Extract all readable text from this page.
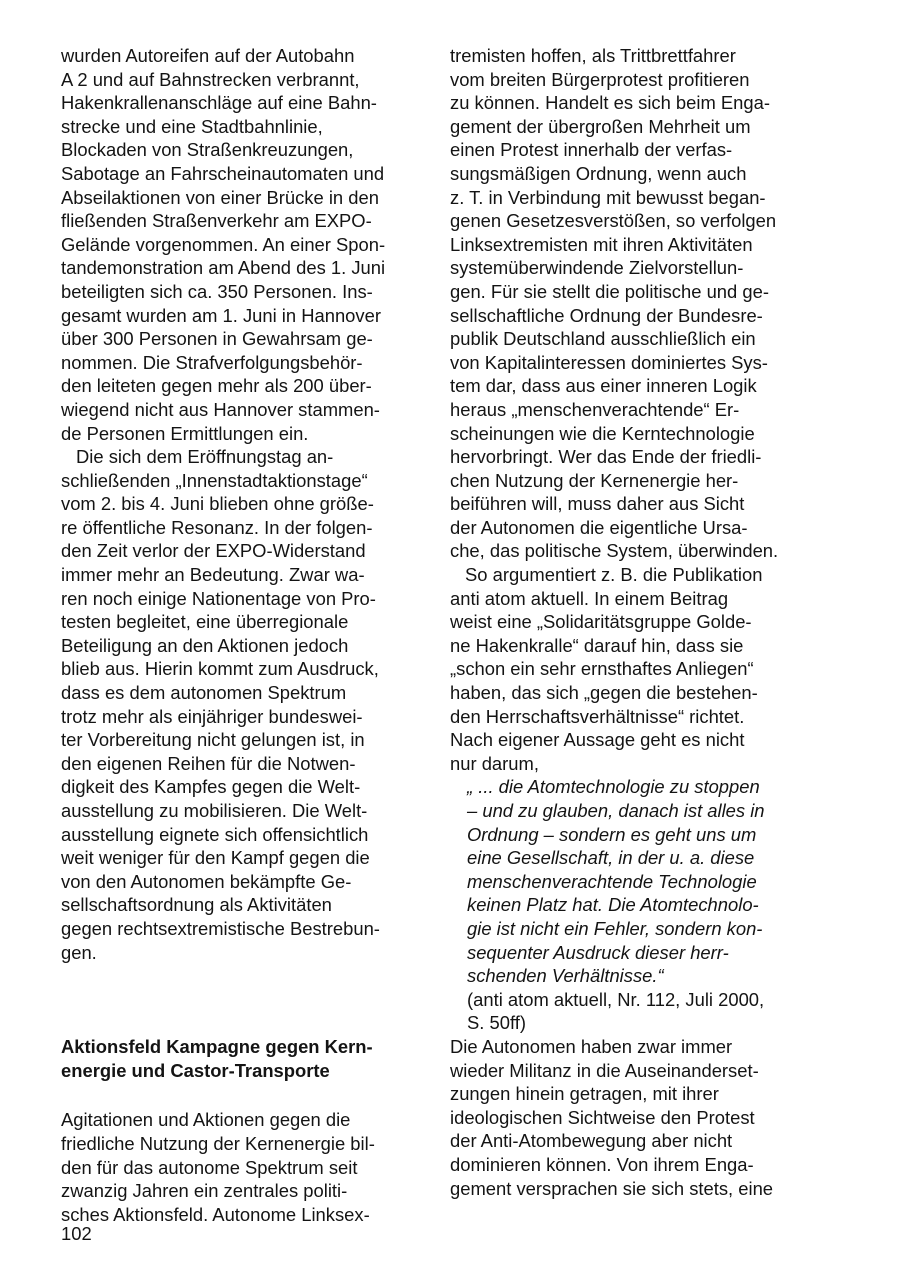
wurden Autoreifen auf der Autobahn
A 2 und auf Bahnstrecken verbrannt,
Hakenkrallenanschläge auf eine Bahn-
strecke und eine Stadtbahnlinie,
Blockaden von Straßenkreuzungen,
Sabotage an Fahrscheinautomaten und
Abseilaktionen von einer Brücke in den
fließenden Straßenverkehr am EXPO-
Gelände vorgenommen. An einer Spon-
tandemonstration am Abend des 1. Juni
beteiligten sich ca. 350 Personen. Ins-
gesamt wurden am 1. Juni in Hannover
über 300 Personen in Gewahrsam ge-
nommen. Die Strafverfolgungsbehör-
den leiteten gegen mehr als 200 über-
wiegend nicht aus Hannover stammen-
de Personen Ermittlungen ein.
Die sich dem Eröffnungstag an-
schließenden „Innenstadtaktionstage“
vom 2. bis 4. Juni blieben ohne größe-
re öffentliche Resonanz. In der folgen-
den Zeit verlor der EXPO-Widerstand
immer mehr an Bedeutung. Zwar wa-
ren noch einige Nationentage von Pro-
testen begleitet, eine überregionale
Beteiligung an den Aktionen jedoch
blieb aus. Hierin kommt zum Ausdruck,
dass es dem autonomen Spektrum
trotz mehr als einjähriger bundeswei-
ter Vorbereitung nicht gelungen ist, in
den eigenen Reihen für die Notwen-
digkeit des Kampfes gegen die Welt-
ausstellung zu mobilisieren. Die Welt-
ausstellung eignete sich offensichtlich
weit weniger für den Kampf gegen die
von den Autonomen bekämpfte Ge-
sellschaftsordnung als Aktivitäten
gegen rechtsextremistische Bestrebun-
gen.
Aktionsfeld Kampagne gegen Kern-
energie und Castor-Transporte
Agitationen und Aktionen gegen die
friedliche Nutzung der Kernenergie bil-
den für das autonome Spektrum seit
zwanzig Jahren ein zentrales politi-
sches Aktionsfeld. Autonome Linksex-
tremisten hoffen, als Trittbrettfahrer
vom breiten Bürgerprotest profitieren
zu können. Handelt es sich beim Enga-
gement der übergroßen Mehrheit um
einen Protest innerhalb der verfas-
sungsmäßigen Ordnung, wenn auch
z. T. in Verbindung mit bewusst began-
genen Gesetzesverstößen, so verfolgen
Linksextremisten mit ihren Aktivitäten
systemüberwindende Zielvorstellun-
gen. Für sie stellt die politische und ge-
sellschaftliche Ordnung der Bundesre-
publik Deutschland ausschließlich ein
von Kapitalinteressen dominiertes Sys-
tem dar, dass aus einer inneren Logik
heraus „menschenverachtende“ Er-
scheinungen wie die Kerntechnologie
hervorbringt. Wer das Ende der friedli-
chen Nutzung der Kernenergie her-
beiführen will, muss daher aus Sicht
der Autonomen die eigentliche Ursa-
che, das politische System, überwinden.
So argumentiert z. B. die Publikation
anti atom aktuell. In einem Beitrag
weist eine „Solidaritätsgruppe Golde-
ne Hakenkralle“ darauf hin, dass sie
„schon ein sehr ernsthaftes Anliegen“
haben, das sich „gegen die bestehen-
den Herrschaftsverhältnisse“ richtet.
Nach eigener Aussage geht es nicht
nur darum,
„ ... die Atomtechnologie zu stoppen
– und zu glauben, danach ist alles in
Ordnung – sondern es geht uns um
eine Gesellschaft, in der u. a. diese
menschenverachtende Technologie
keinen Platz hat. Die Atomtechnolo-
gie ist nicht ein Fehler, sondern kon-
sequenter Ausdruck dieser herr-
schenden Verhältnisse.“
(anti atom aktuell, Nr. 112, Juli 2000,
S. 50ff)
Die Autonomen haben zwar immer
wieder Militanz in die Auseinanderset-
zungen hinein getragen, mit ihrer
ideologischen Sichtweise den Protest
der Anti-Atombewegung aber nicht
dominieren können. Von ihrem Enga-
gement versprachen sie sich stets, eine
102
